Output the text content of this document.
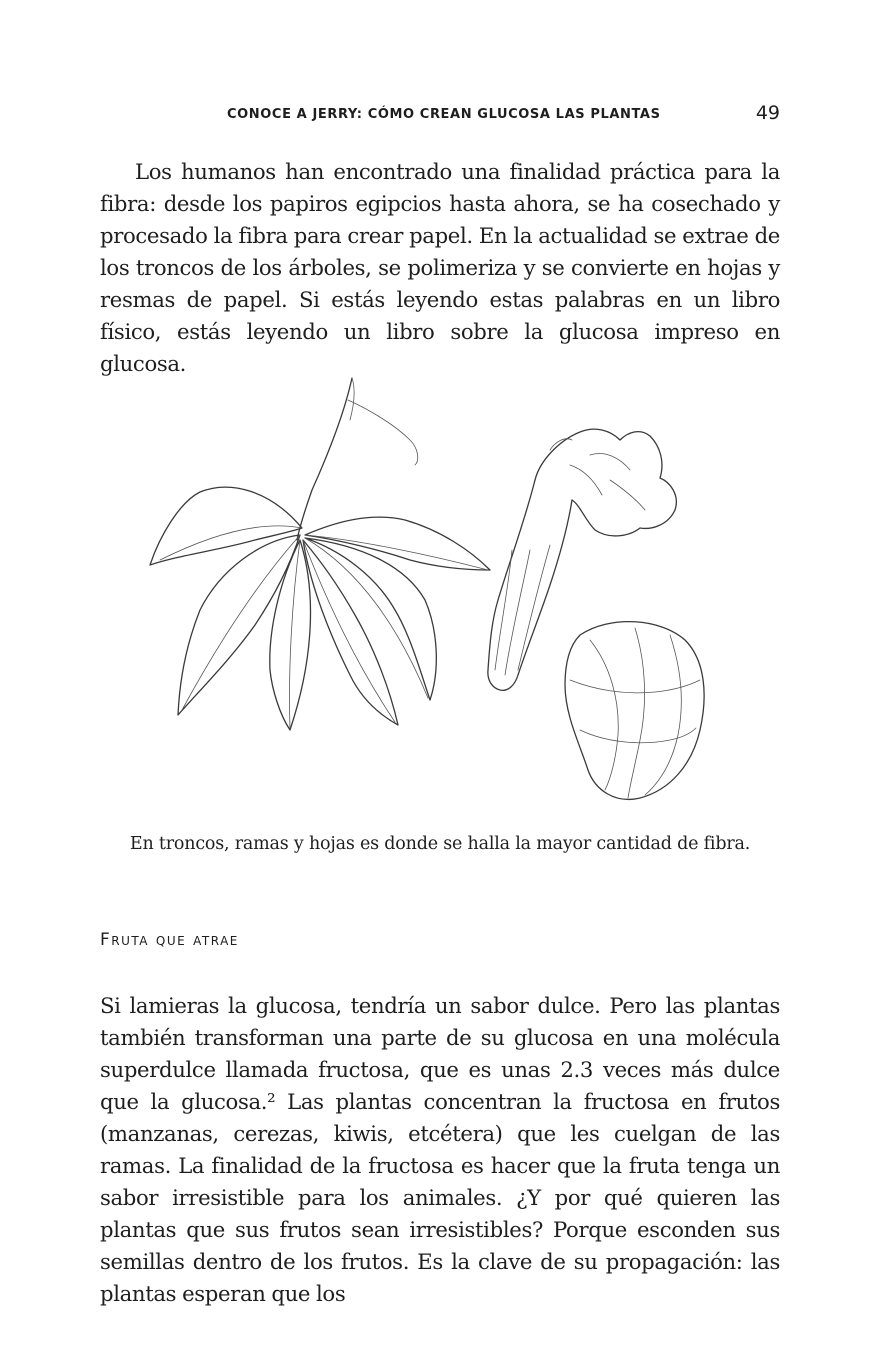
CONOCE A JERRY: CÓMO CREAN GLUCOSA LAS PLANTAS	49

Los humanos han encontrado una finalidad práctica para la fibra: desde los papiros egipcios hasta ahora, se ha cosechado y procesado la fibra para crear papel. En la actualidad se extrae de los troncos de los árboles, se polimeriza y se convierte en hojas y resmas de papel. Si estás leyendo estas palabras en un libro físico, estás leyendo un libro sobre la glucosa impreso en glucosa.

En troncos, ramas y hojas es donde se halla la mayor cantidad de fibra.
Fruta que atrae

Si lamieras la glucosa, tendría un sabor dulce. Pero las plantas también transforman una parte de su glucosa en una molécula superdulce llamada fructosa, que es unas 2.3 veces más dulce que la glucosa.² Las plantas concentran la fructosa en frutos (manzanas, cerezas, kiwis, etcétera) que les cuelgan de las ramas. La finalidad de la fructosa es hacer que la fruta tenga un sabor irresistible para los animales. ¿Y por qué quieren las plantas que sus frutos sean irresistibles? Porque esconden sus semillas dentro de los frutos. Es la clave de su propagación: las plantas esperan que los
